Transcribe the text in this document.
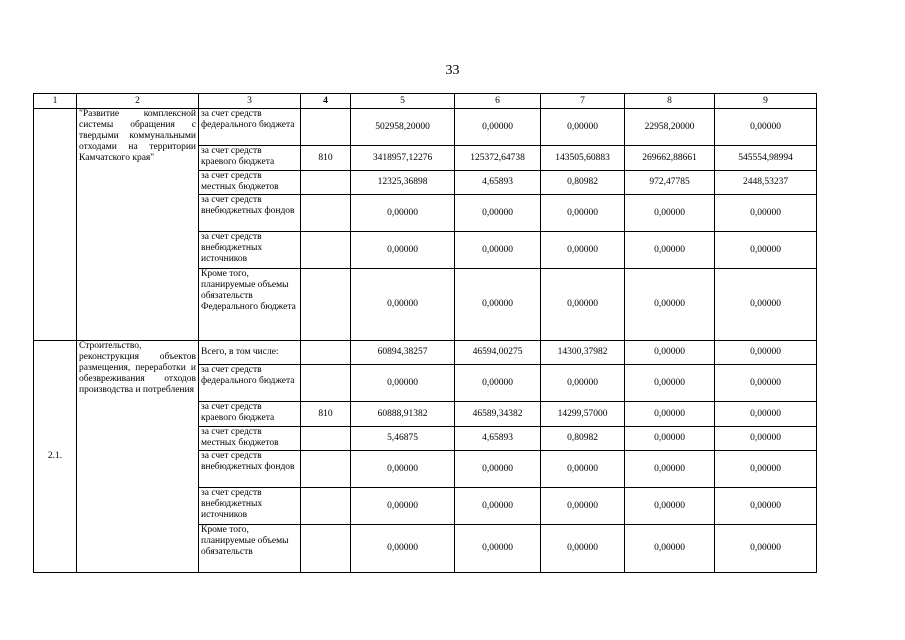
33
1	2	3	4	5	6	7	8	9
	"Развитие комплексной системы обращения с твердыми коммунальными отходами на территории Камчатского края"	за счет средств федерального бюджета		502958,20000	0,00000	0,00000	22958,20000	0,00000
		за счет средств краевого бюджета	810	3418957,12276	125372,64738	143505,60883	269662,88661	545554,98994
		за счет средств местных бюджетов		12325,36898	4,65893	0,80982	972,47785	2448,53237
		за счет средств внебюджетных фондов		0,00000	0,00000	0,00000	0,00000	0,00000
		за счет средств внебюджетных источников		0,00000	0,00000	0,00000	0,00000	0,00000
		Кроме того, планируемые объемы обязательств Федерального бюджета		0,00000	0,00000	0,00000	0,00000	0,00000
2.1.	Строительство, реконструкция объектов размещения, переработки и обезвреживания отходов производства и потребления	Всего, в том числе:		60894,38257	46594,00275	14300,37982	0,00000	0,00000
		за счет средств федерального бюджета		0,00000	0,00000	0,00000	0,00000	0,00000
		за счет средств краевого бюджета	810	60888,91382	46589,34382	14299,57000	0,00000	0,00000
		за счет средств местных бюджетов		5,46875	4,65893	0,80982	0,00000	0,00000
		за счет средств внебюджетных фондов		0,00000	0,00000	0,00000	0,00000	0,00000
		за счет средств внебюджетных источников		0,00000	0,00000	0,00000	0,00000	0,00000
		Кроме того, планируемые объемы обязательств		0,00000	0,00000	0,00000	0,00000	0,00000
